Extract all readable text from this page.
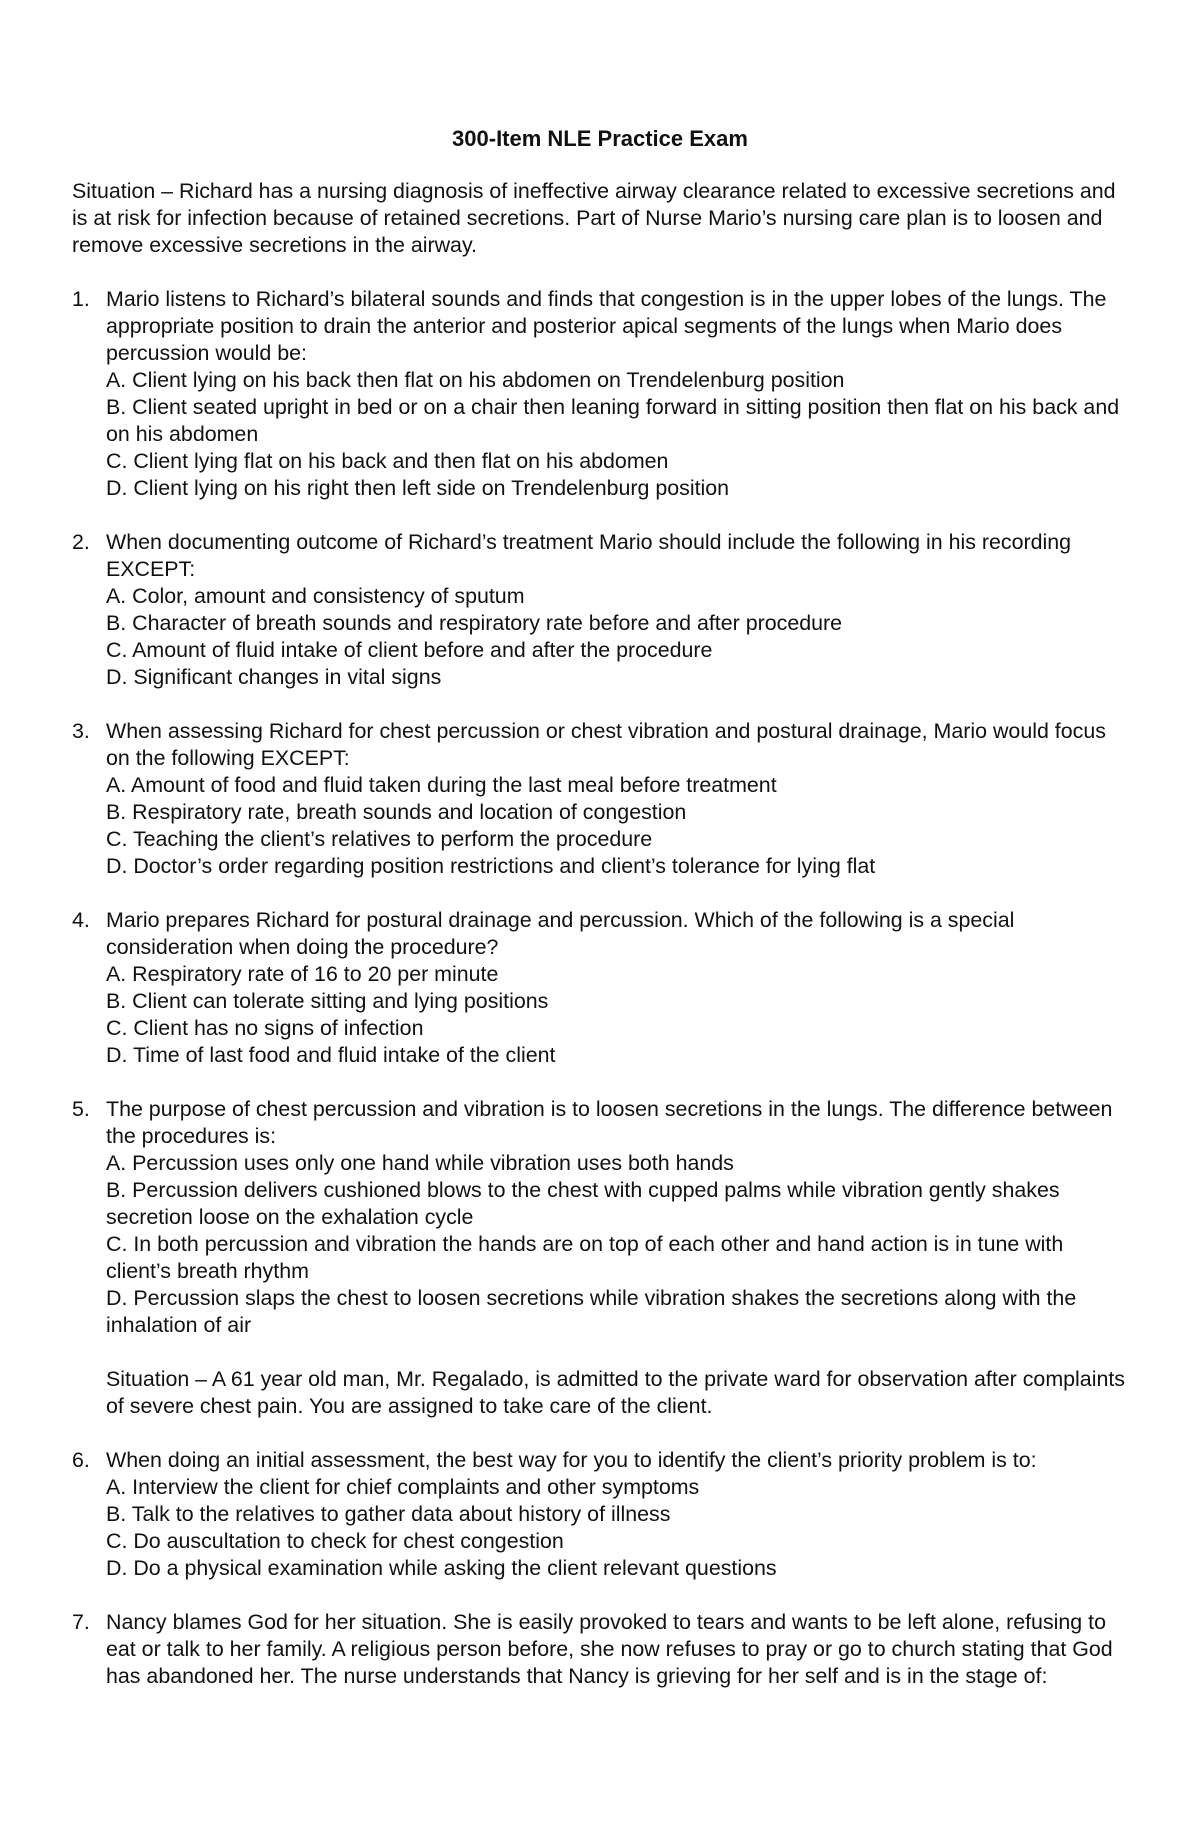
300-Item NLE Practice Exam

Situation – Richard has a nursing diagnosis of ineffective airway clearance related to excessive secretions and is at risk for infection because of retained secretions. Part of Nurse Mario’s nursing care plan is to loosen and remove excessive secretions in the airway.

1. Mario listens to Richard’s bilateral sounds and finds that congestion is in the upper lobes of the lungs. The appropriate position to drain the anterior and posterior apical segments of the lungs when Mario does percussion would be:

A. Client lying on his back then flat on his abdomen on Trendelenburg position

B. Client seated upright in bed or on a chair then leaning forward in sitting position then flat on his back and on his abdomen

C. Client lying flat on his back and then flat on his abdomen

D. Client lying on his right then left side on Trendelenburg position

2. When documenting outcome of Richard’s treatment Mario should include the following in his recording EXCEPT:

A. Color, amount and consistency of sputum

B. Character of breath sounds and respiratory rate before and after procedure

C. Amount of fluid intake of client before and after the procedure

D. Significant changes in vital signs

3. When assessing Richard for chest percussion or chest vibration and postural drainage, Mario would focus on the following EXCEPT:

A. Amount of food and fluid taken during the last meal before treatment

B. Respiratory rate, breath sounds and location of congestion

C. Teaching the client’s relatives to perform the procedure

D. Doctor’s order regarding position restrictions and client’s tolerance for lying flat

4. Mario prepares Richard for postural drainage and percussion. Which of the following is a special consideration when doing the procedure?

A. Respiratory rate of 16 to 20 per minute

B. Client can tolerate sitting and lying positions

C. Client has no signs of infection

D. Time of last food and fluid intake of the client

5. The purpose of chest percussion and vibration is to loosen secretions in the lungs. The difference between the procedures is:

A. Percussion uses only one hand while vibration uses both hands

B. Percussion delivers cushioned blows to the chest with cupped palms while vibration gently shakes secretion loose on the exhalation cycle

C. In both percussion and vibration the hands are on top of each other and hand action is in tune with client’s breath rhythm

D. Percussion slaps the chest to loosen secretions while vibration shakes the secretions along with the inhalation of air

Situation – A 61 year old man, Mr. Regalado, is admitted to the private ward for observation after complaints of severe chest pain. You are assigned to take care of the client.

6. When doing an initial assessment, the best way for you to identify the client’s priority problem is to:

A. Interview the client for chief complaints and other symptoms

B. Talk to the relatives to gather data about history of illness

C. Do auscultation to check for chest congestion

D. Do a physical examination while asking the client relevant questions

7. Nancy blames God for her situation. She is easily provoked to tears and wants to be left alone, refusing to eat or talk to her family. A religious person before, she now refuses to pray or go to church stating that God has abandoned her. The nurse understands that Nancy is grieving for her self and is in the stage of:
